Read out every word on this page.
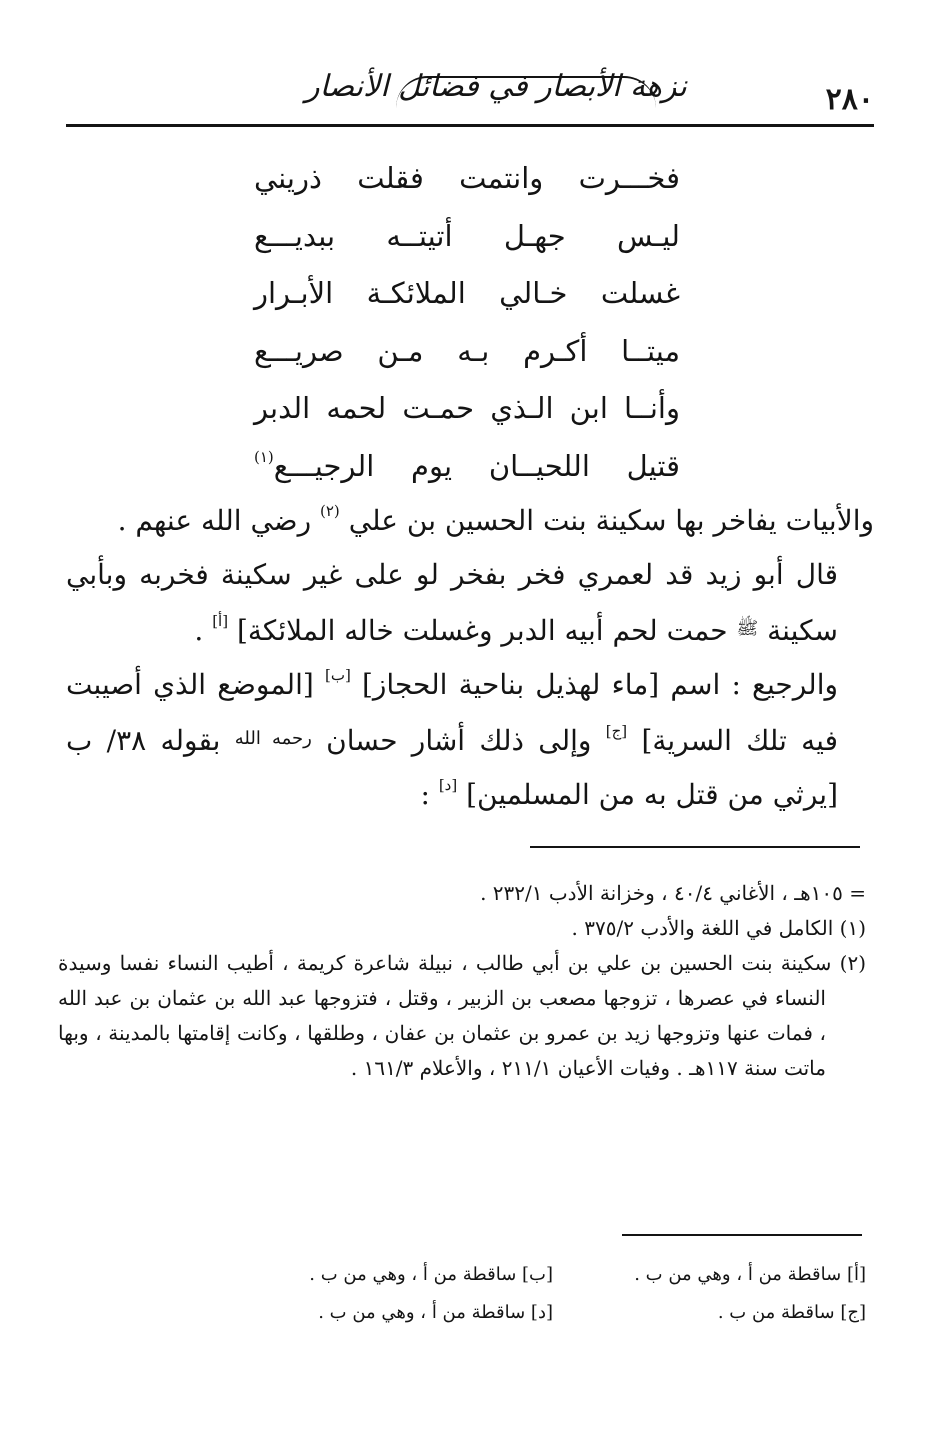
٢٨٠
نزهة الأبصار في فضائل الأنصار
فخـــرت وانتمت فقلت ذريني
ليـس جهـل أتيتــه ببديـــع
غسلت خـالي الملائكـة الأبـرار
ميتــا أكـرم بـه مـن صريـــع
وأنــا ابن الـذي حمـت لحمه الدبر
قتيل اللحيــان يوم الرجيـــع$^{(١)}$

والأبيات يفاخر بها سكينة بنت الحسين بن علي $^{(٢)}$ رضي الله عنهم .

قال أبو زيد قد لعمري فخر بفخر لو على غير سكينة فخربه وبأبي سكينة $^ﷺ$ حمت لحم أبيه الدبر وغسلت خاله الملائكة] [أ] .

والرجيع : اسم [ماء لهذيل بناحية الحجاز] [ب] [الموضع الذي أصيبت فيه تلك السرية] [ج] وإلى ذلك أشار حسان $^{رحمه الله}$ بقوله ٣٨/ ب [يرثي من قتل به من المسلمين] [د] :

= ١٠٥هـ ، الأغاني ٤٠/٤ ، وخزانة الأدب ٢٣٢/١ .
(١) الكامل في اللغة والأدب ٣٧٥/٢ .
(٢) سكينة بنت الحسين بن علي بن أبي طالب ، نبيلة شاعرة كريمة ، أطيب النساء نفسا وسيدة النساء في عصرها ، تزوجها مصعب بن الزبير ، وقتل ، فتزوجها عبد الله بن عثمان بن عبد الله ، فمات عنها وتزوجها زيد بن عمرو بن عثمان بن عفان ، وطلقها ، وكانت إقامتها بالمدينة ، وبها ماتت سنة ١١٧هـ . وفيات الأعيان ٢١١/١ ، والأعلام ١٦١/٣ .
[أ] ساقطة من أ ، وهي من ب .
[ب] ساقطة من أ ، وهي من ب .
[ج] ساقطة من ب .
[د] ساقطة من أ ، وهي من ب .
